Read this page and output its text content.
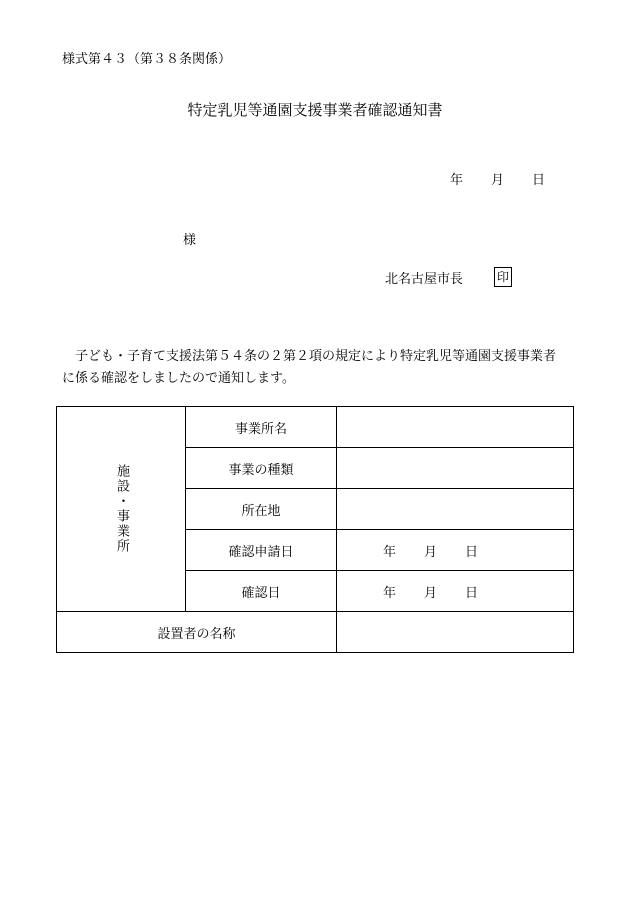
様式第４３（第３８条関係）
特定乳児等通園支援事業者確認通知書
年 月 日
様
北名古屋市長	印
子ども・子育て支援法第５４条の２第２項の規定により特定乳児等通園支援事業者
に係る確認をしましたので通知します。
施設・事業所	事業所名	
	事業の種類	
	所在地	
	確認申請日	年 月 日
	確認日	年 月 日
設置者の名称		
